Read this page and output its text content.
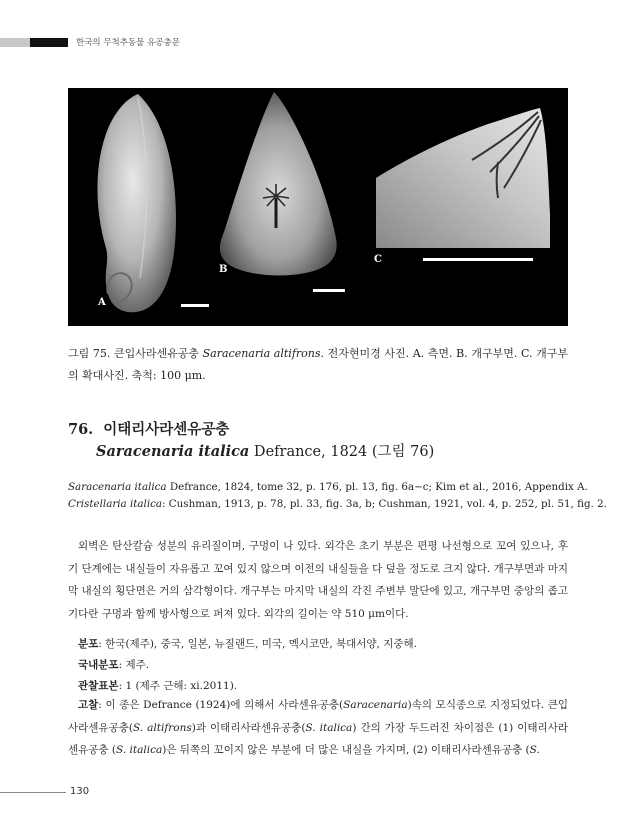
한국의 무척추동물 유공충문
A
B
C
그림 75. 큰입사라센유공충 Saracenaria altifrons. 전자현미경 사진. A. 측면. B. 개구부면. C. 개구부의 확대사진. 축척: 100 μm.
76. 이태리사라센유공충
Saracenaria italica Defrance, 1824 (그림 76)
Saracenaria italica Defrance, 1824, tome 32, p. 176, pl. 13, fig. 6a−c; Kim et al., 2016, Appendix A.
Cristellaria italica: Cushman, 1913, p. 78, pl. 33, fig. 3a, b; Cushman, 1921, vol. 4, p. 252, pl. 51, fig. 2.
외벽은 탄산칼슘 성분의 유리질이며, 구멍이 나 있다. 외각은 초기 부분은 편평 나선형으로 꼬여 있으나, 후기 단계에는 내실들이 자유롭고 꼬여 있지 않으며 이전의 내실들을 다 덮을 정도로 크지 않다. 개구부면과 마지막 내실의 횡단면은 거의 삼각형이다. 개구부는 마지막 내실의 각진 주변부 말단에 있고, 개구부면 중앙의 좁고 기다란 구멍과 함께 방사형으로 퍼져 있다. 외각의 길이는 약 510 μm이다.
분포: 한국(제주), 중국, 일본, 뉴질랜드, 미국, 멕시코만, 북대서양, 지중해.
국내분포: 제주.
관찰표본: 1 (제주 근해: xi.2011).
고찰: 이 종은 Defrance (1924)에 의해서 사라센유공충(Saracenaria)속의 모식종으로 지정되었다. 큰입사라센유공충(S. altifrons)과 이태리사라센유공충(S. italica) 간의 가장 두드러진 차이점은 (1) 이태리사라센유공충 (S. italica)은 뒤쪽의 꼬이지 않은 부분에 더 많은 내실을 가지며, (2) 이태리사라센유공충 (S.
130
